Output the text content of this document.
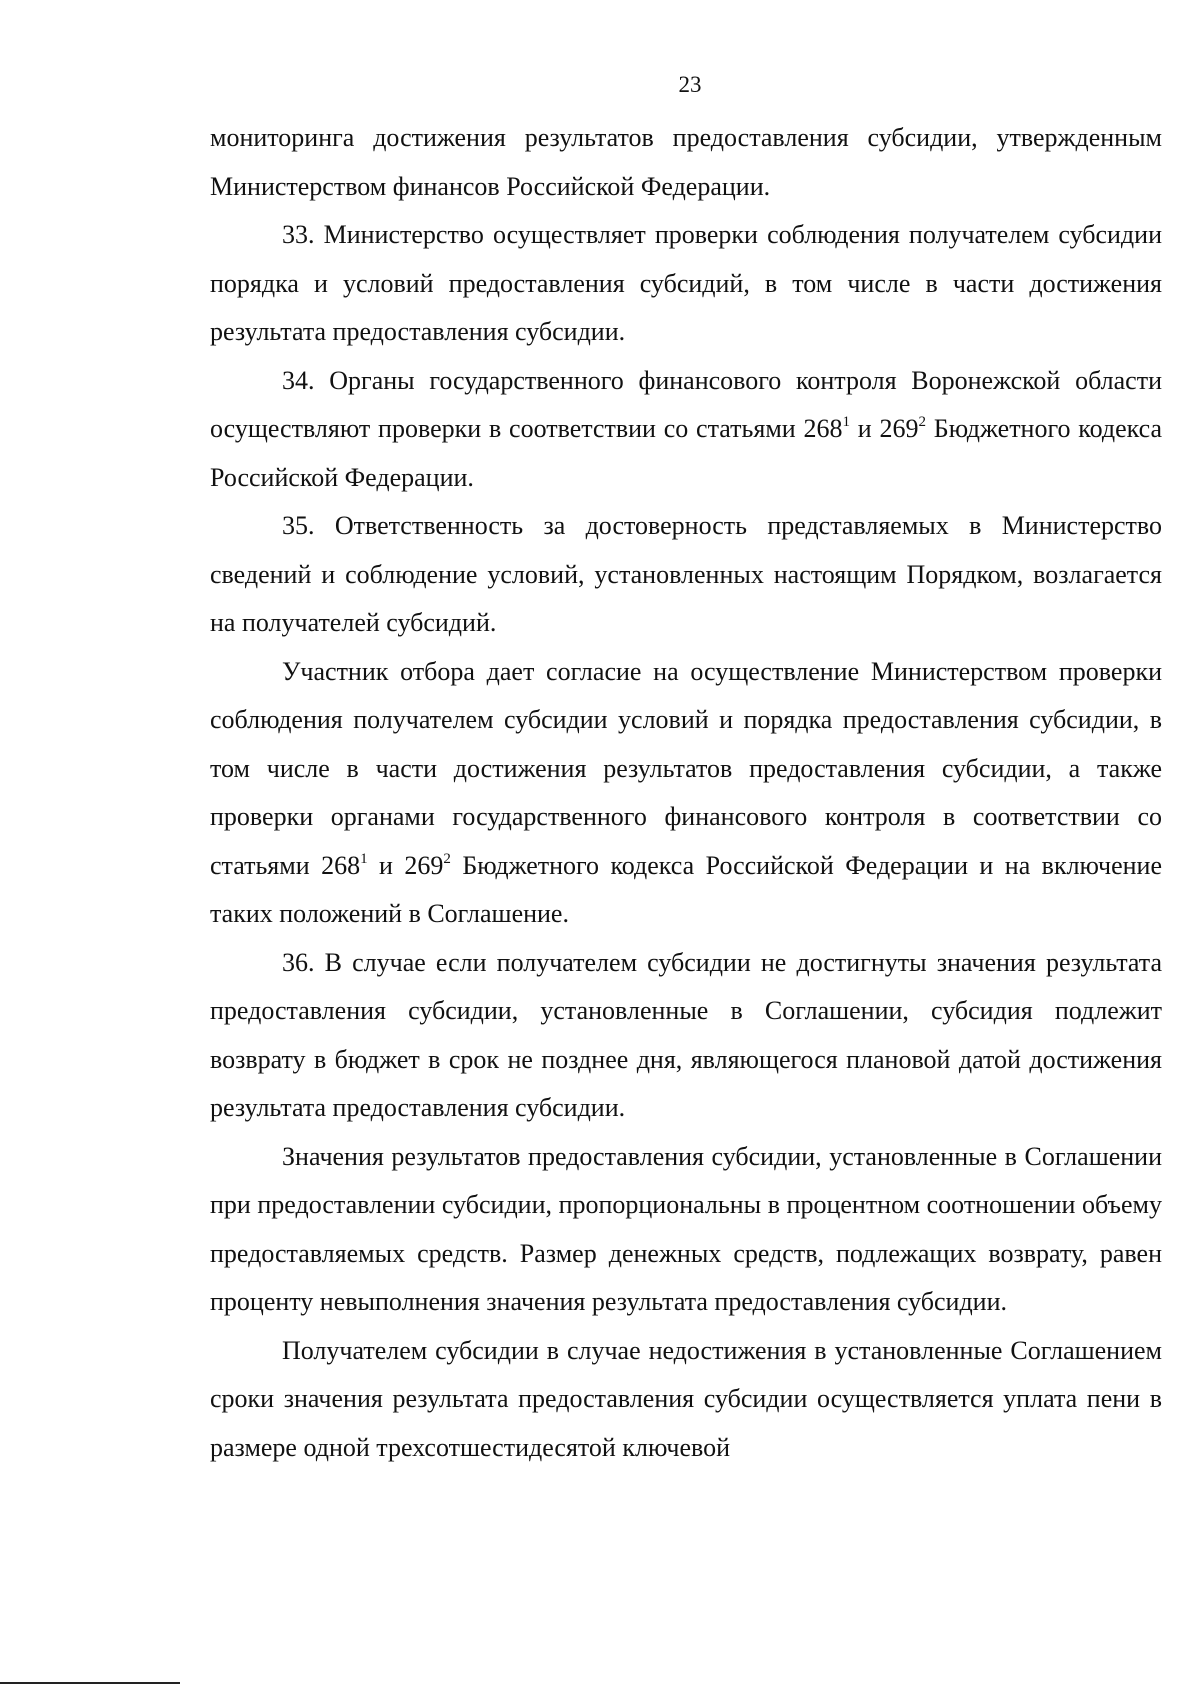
23

мониторинга достижения результатов предоставления субсидии, утвержденным Министерством финансов Российской Федерации.

33. Министерство осуществляет проверки соблюдения получателем субсидии порядка и условий предоставления субсидий, в том числе в части достижения результата предоставления субсидии.

34. Органы государственного финансового контроля Воронежской области осуществляют проверки в соответствии со статьями $268^1$ и $269^2$ Бюджетного кодекса Российской Федерации.

35. Ответственность за достоверность представляемых в Министерство сведений и соблюдение условий, установленных настоящим Порядком, возлагается на получателей субсидий.

Участник отбора дает согласие на осуществление Министерством проверки соблюдения получателем субсидии условий и порядка предоставления субсидии, в том числе в части достижения результатов предоставления субсидии, а также проверки органами государственного финансового контроля в соответствии со статьями $268^1$ и $269^2$ Бюджетного кодекса Российской Федерации и на включение таких положений в Соглашение.

36. В случае если получателем субсидии не достигнуты значения результата предоставления субсидии, установленные в Соглашении, субсидия подлежит возврату в бюджет в срок не позднее дня, являющегося плановой датой достижения результата предоставления субсидии.

Значения результатов предоставления субсидии, установленные в Соглашении при предоставлении субсидии, пропорциональны в процентном соотношении объему предоставляемых средств. Размер денежных средств, подлежащих возврату, равен проценту невыполнения значения результата предоставления субсидии.

Получателем субсидии в случае недостижения в установленные Соглашением сроки значения результата предоставления субсидии осуществляется уплата пени в размере одной трехсотшестидесятой ключевой
